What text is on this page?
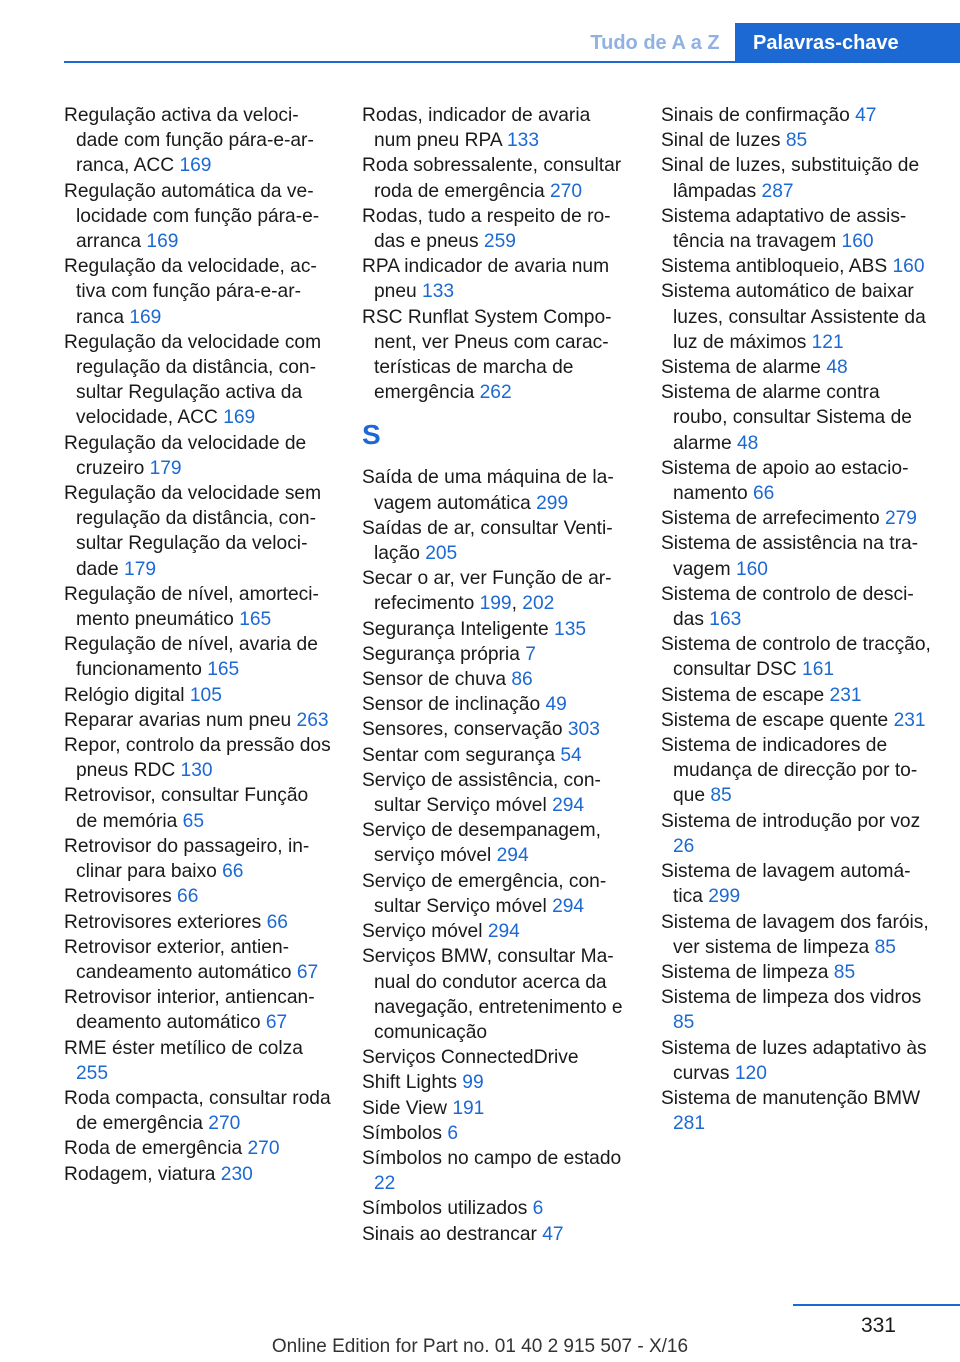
Tudo de A a Z	Palavras-chave

Regulação activa da velocidade com função pára-e-arranca, ACC 169

Regulação automática da velocidade com função pára-e-arranca 169

Regulação da velocidade, activa com função pára-e-arranca 169

Regulação da velocidade com regulação da distância, consultar Regulação activa da velocidade, ACC 169

Regulação da velocidade de cruzeiro 179

Regulação da velocidade sem regulação da distância, consultar Regulação da velocidade 179

Regulação de nível, amortecimento pneumático 165

Regulação de nível, avaria de funcionamento 165

Relógio digital 105

Reparar avarias num pneu 263

Repor, controlo da pressão dos pneus RDC 130

Retrovisor, consultar Função de memória 65

Retrovisor do passageiro, inclinar para baixo 66

Retrovisores 66

Retrovisores exteriores 66

Retrovisor exterior, antiencandeamento automático 67

Retrovisor interior, antiencandeamento automático 67

RME éster metílico de colza 255

Roda compacta, consultar roda de emergência 270

Roda de emergência 270

Rodagem, viatura 230

Rodas, indicador de avaria num pneu RPA 133

Roda sobressalente, consultar roda de emergência 270

Rodas, tudo a respeito de rodas e pneus 259

RPA indicador de avaria num pneu 133

RSC Runflat System Component, ver Pneus com características de marcha de emergência 262

S

Saída de uma máquina de lavagem automática 299

Saídas de ar, consultar Ventilação 205

Secar o ar, ver Função de arrefecimento 199, 202

Segurança Inteligente 135

Segurança própria 7

Sensor de chuva 86

Sensor de inclinação 49

Sensores, conservação 303

Sentar com segurança 54

Serviço de assistência, consultar Serviço móvel 294

Serviço de desempanagem, serviço móvel 294

Serviço de emergência, consultar Serviço móvel 294

Serviço móvel 294

Serviços BMW, consultar Manual do condutor acerca da navegação, entretenimento e comunicação

Serviços ConnectedDrive

Shift Lights 99

Side View 191

Símbolos 6

Símbolos no campo de estado 22

Símbolos utilizados 6

Sinais ao destrancar 47

Sinais de confirmação 47

Sinal de luzes 85

Sinal de luzes, substituição de lâmpadas 287

Sistema adaptativo de assistência na travagem 160

Sistema antibloqueio, ABS 160

Sistema automático de baixar luzes, consultar Assistente da luz de máximos 121

Sistema de alarme 48

Sistema de alarme contra roubo, consultar Sistema de alarme 48

Sistema de apoio ao estacionamento 66

Sistema de arrefecimento 279

Sistema de assistência na travagem 160

Sistema de controlo de descidas 163

Sistema de controlo de tracção, consultar DSC 161

Sistema de escape 231

Sistema de escape quente 231

Sistema de indicadores de mudança de direcção por toque 85

Sistema de introdução por voz 26

Sistema de lavagem automática 299

Sistema de lavagem dos faróis, ver sistema de limpeza 85

Sistema de limpeza 85

Sistema de limpeza dos vidros 85

Sistema de luzes adaptativo às curvas 120

Sistema de manutenção BMW 281

331
Online Edition for Part no. 01 40 2 915 507 - X/16
